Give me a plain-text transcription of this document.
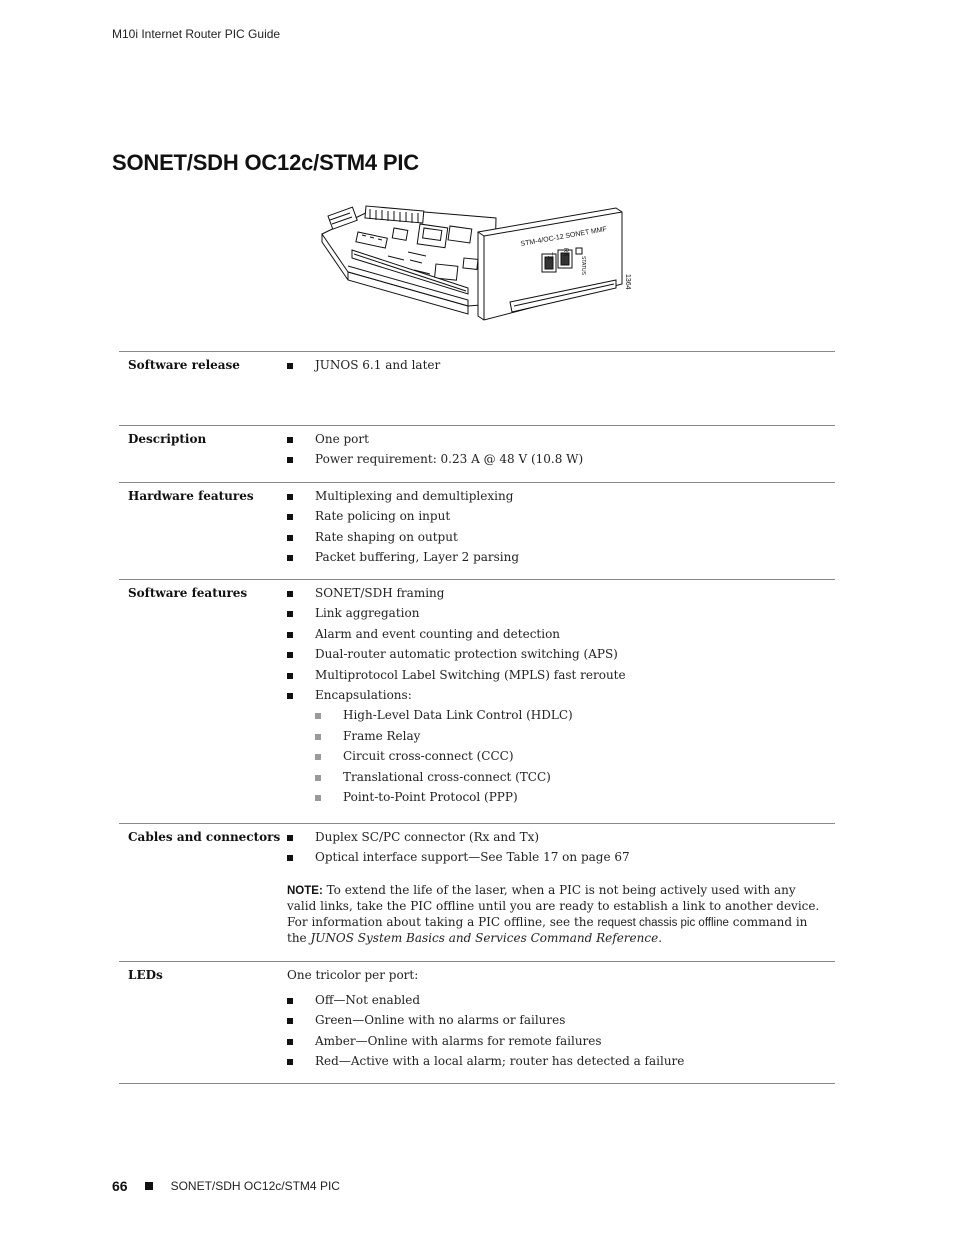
M10i Internet Router PIC Guide
SONET/SDH OC12c/STM4 PIC
STM-4/OC-12 SONET MMF
TX RX
STATUS
1364
Software release	JUNOS 6.1 and later
Description	One port
Power requirement: 0.23 A @ 48 V (10.8 W)
Hardware features	Multiplexing and demultiplexing
Rate policing on input
Rate shaping on output
Packet buffering, Layer 2 parsing
Software features	SONET/SDH framing
Link aggregation
Alarm and event counting and detection
Dual-router automatic protection switching (APS)
Multiprotocol Label Switching (MPLS) fast reroute
Encapsulations:
High-Level Data Link Control (HDLC)
Frame Relay
Circuit cross-connect (CCC)
Translational cross-connect (TCC)
Point-to-Point Protocol (PPP)
Cables and connectors	Duplex SC/PC connector (Rx and Tx)
Optical interface support—See Table 17 on page 67
NOTE: To extend the life of the laser, when a PIC is not being actively used with any valid links, take the PIC offline until you are ready to establish a link to another device. For information about taking a PIC offline, see the request chassis pic offline command in the JUNOS System Basics and Services Command Reference.
LEDs	One tricolor per port:
Off—Not enabled
Green—Online with no alarms or failures
Amber—Online with alarms for remote failures
Red—Active with a local alarm; router has detected a failure
66	SONET/SDH OC12c/STM4 PIC
